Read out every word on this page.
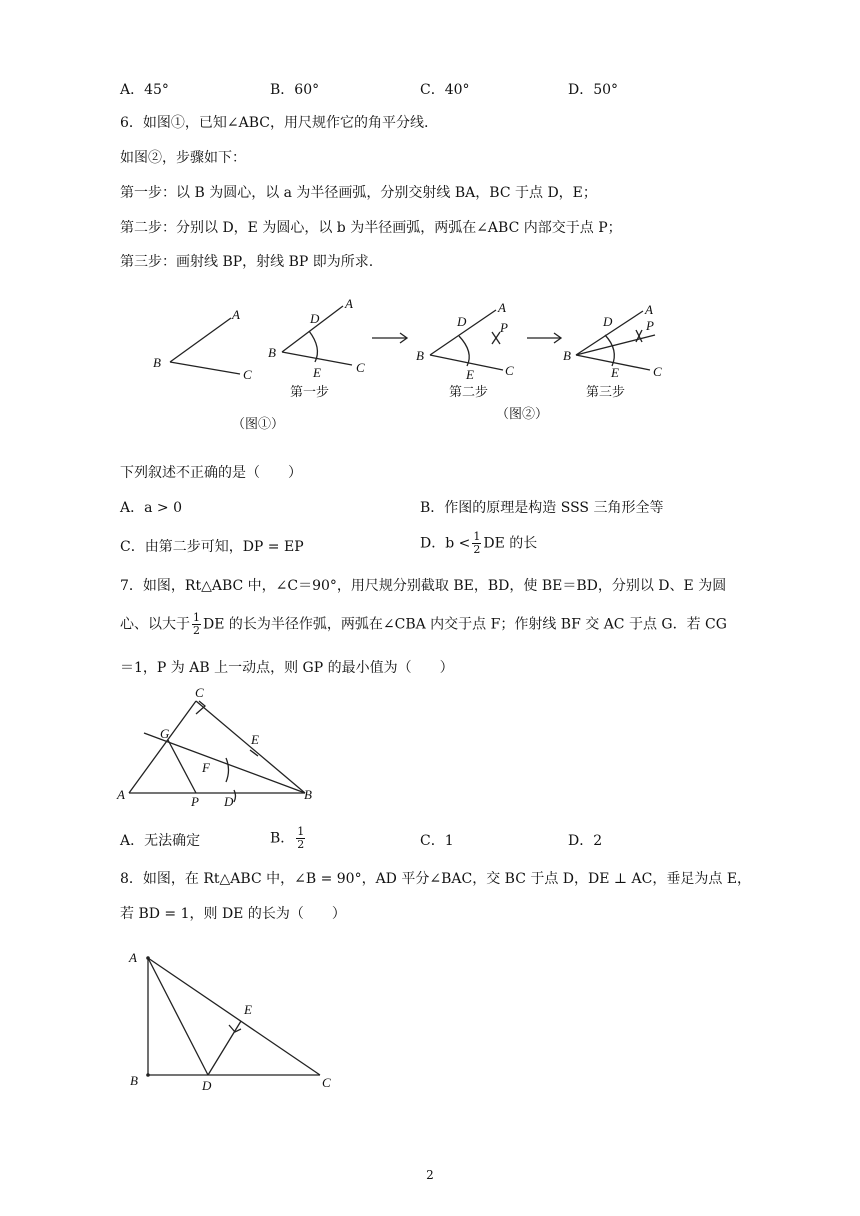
A．45°	B．60°	C．40°	D．50°
6．如图①，已知∠ABC，用尺规作它的角平分线.
如图②，步骤如下：
第一步：以 B 为圆心，以 a 为半径画弧，分别交射线 BA，BC 于点 D，E；
第二步：分别以 D，E 为圆心，以 b 为半径画弧，两弧在∠ABC 内部交于点 P；
第三步：画射线 BP，射线 BP 即为所求.
B
A
C
B
A
D
E	C
B
A
D	P
E C
B
A
D	P
E	C
第一步	第二步	第三步
（图①）
（图②）
下列叙述不正确的是（　　）
A．a > 0	B．作图的原理是构造 SSS 三角形全等
C．由第二步可知，DP = EP	D．$b < \frac{1}{2}$ DE 的长
7．如图，Rt△ABC 中，∠C＝90°，用尺规分别截取 BE，BD，使 BE＝BD，分别以 D、E 为圆
心、以大于 $\frac{1}{2}$ DE 的长为半径作弧，两弧在∠CBA 内交于点 F；作射线 BF 交 AC 于点 G．若 CG
＝1，P 为 AB 上一动点，则 GP 的最小值为（　　）
C
G	E
F
A	P D	B
A．无法确定	B． $\frac{1}{2}$	C．1	D．2
8．如图，在 Rt△ABC 中，∠B = 90°，AD 平分∠BAC，交 BC 于点 D，DE ⊥ AC，垂足为点 E，
若 BD = 1，则 DE 的长为（　　）
A
E
B	D	C
2
